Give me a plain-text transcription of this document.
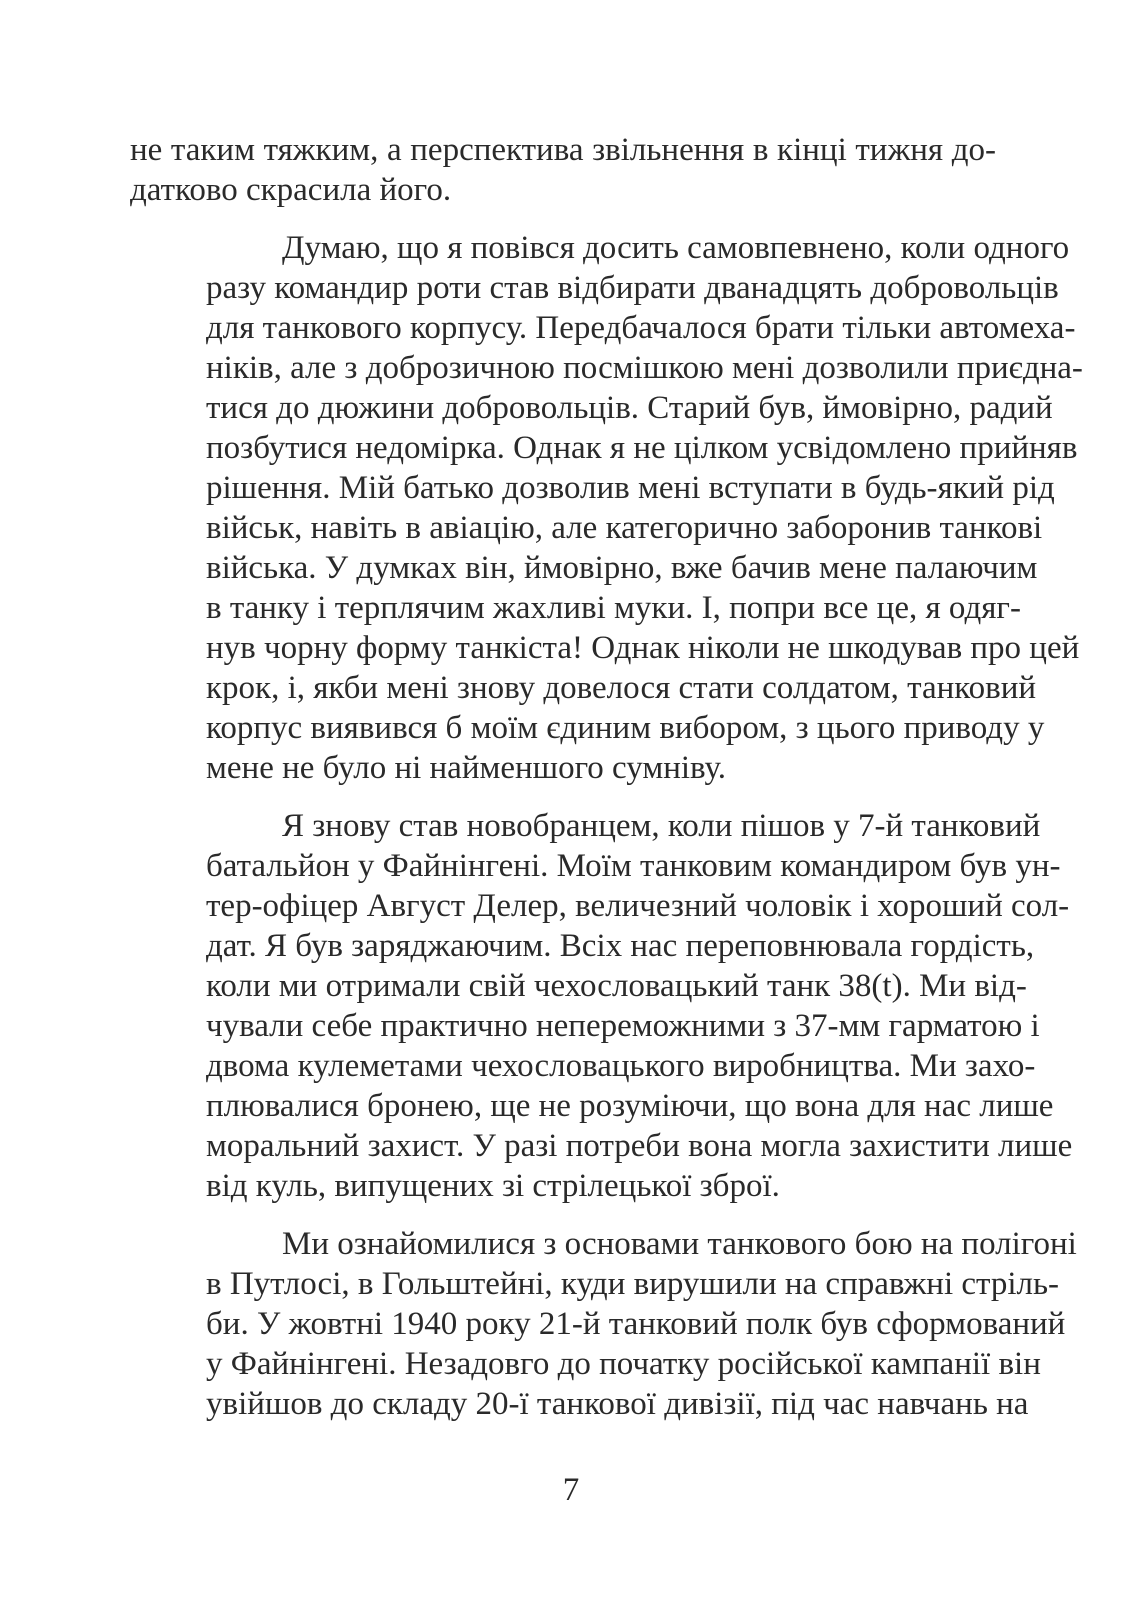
не таким тяжким, а перспектива звільнення в кінці тижня до-
датково скрасила його.
Думаю, що я повівся досить самовпевнено, коли одного
разу командир роти став відбирати дванадцять добровольців
для танкового корпусу. Передбачалося брати тільки автомеха-
ніків, але з доброзичною посмішкою мені дозволили приєдна-
тися до дюжини добровольців. Старий був, ймовірно, радий
позбутися недомірка. Однак я не цілком усвідомлено прийняв
рішення. Мій батько дозволив мені вступати в будь-який рід
військ, навіть в авіацію, але категорично заборонив танкові
війська. У думках він, ймовірно, вже бачив мене палаючим
в танку і терплячим жахливі муки. І, попри все це, я одяг-
нув чорну форму танкіста! Однак ніколи не шкодував про цей
крок, і, якби мені знову довелося стати солдатом, танковий
корпус виявився б моїм єдиним вибором, з цього приводу у
мене не було ні найменшого сумніву.
Я знову став новобранцем, коли пішов у 7-й танковий
батальйон у Файнінгені. Моїм танковим командиром був ун-
тер-офіцер Август Делер, величезний чоловік і хороший сол-
дат. Я був заряджаючим. Всіх нас переповнювала гордість,
коли ми отримали свій чехословацький танк 38(t). Ми від-
чували себе практично непереможними з 37-мм гарматою і
двома кулеметами чехословацького виробництва. Ми захо-
плювалися бронею, ще не розуміючи, що вона для нас лише
моральний захист. У разі потреби вона могла захистити лише
від куль, випущених зі стрілецької зброї.
Ми ознайомилися з основами танкового бою на полігоні
в Путлосі, в Гольштейні, куди вирушили на справжні стріль-
би. У жовтні 1940 року 21-й танковий полк був сформований
у Файнінгені. Незадовго до початку російської кампанії він
увійшов до складу 20-ї танкової дивізії, під час навчань на
7
